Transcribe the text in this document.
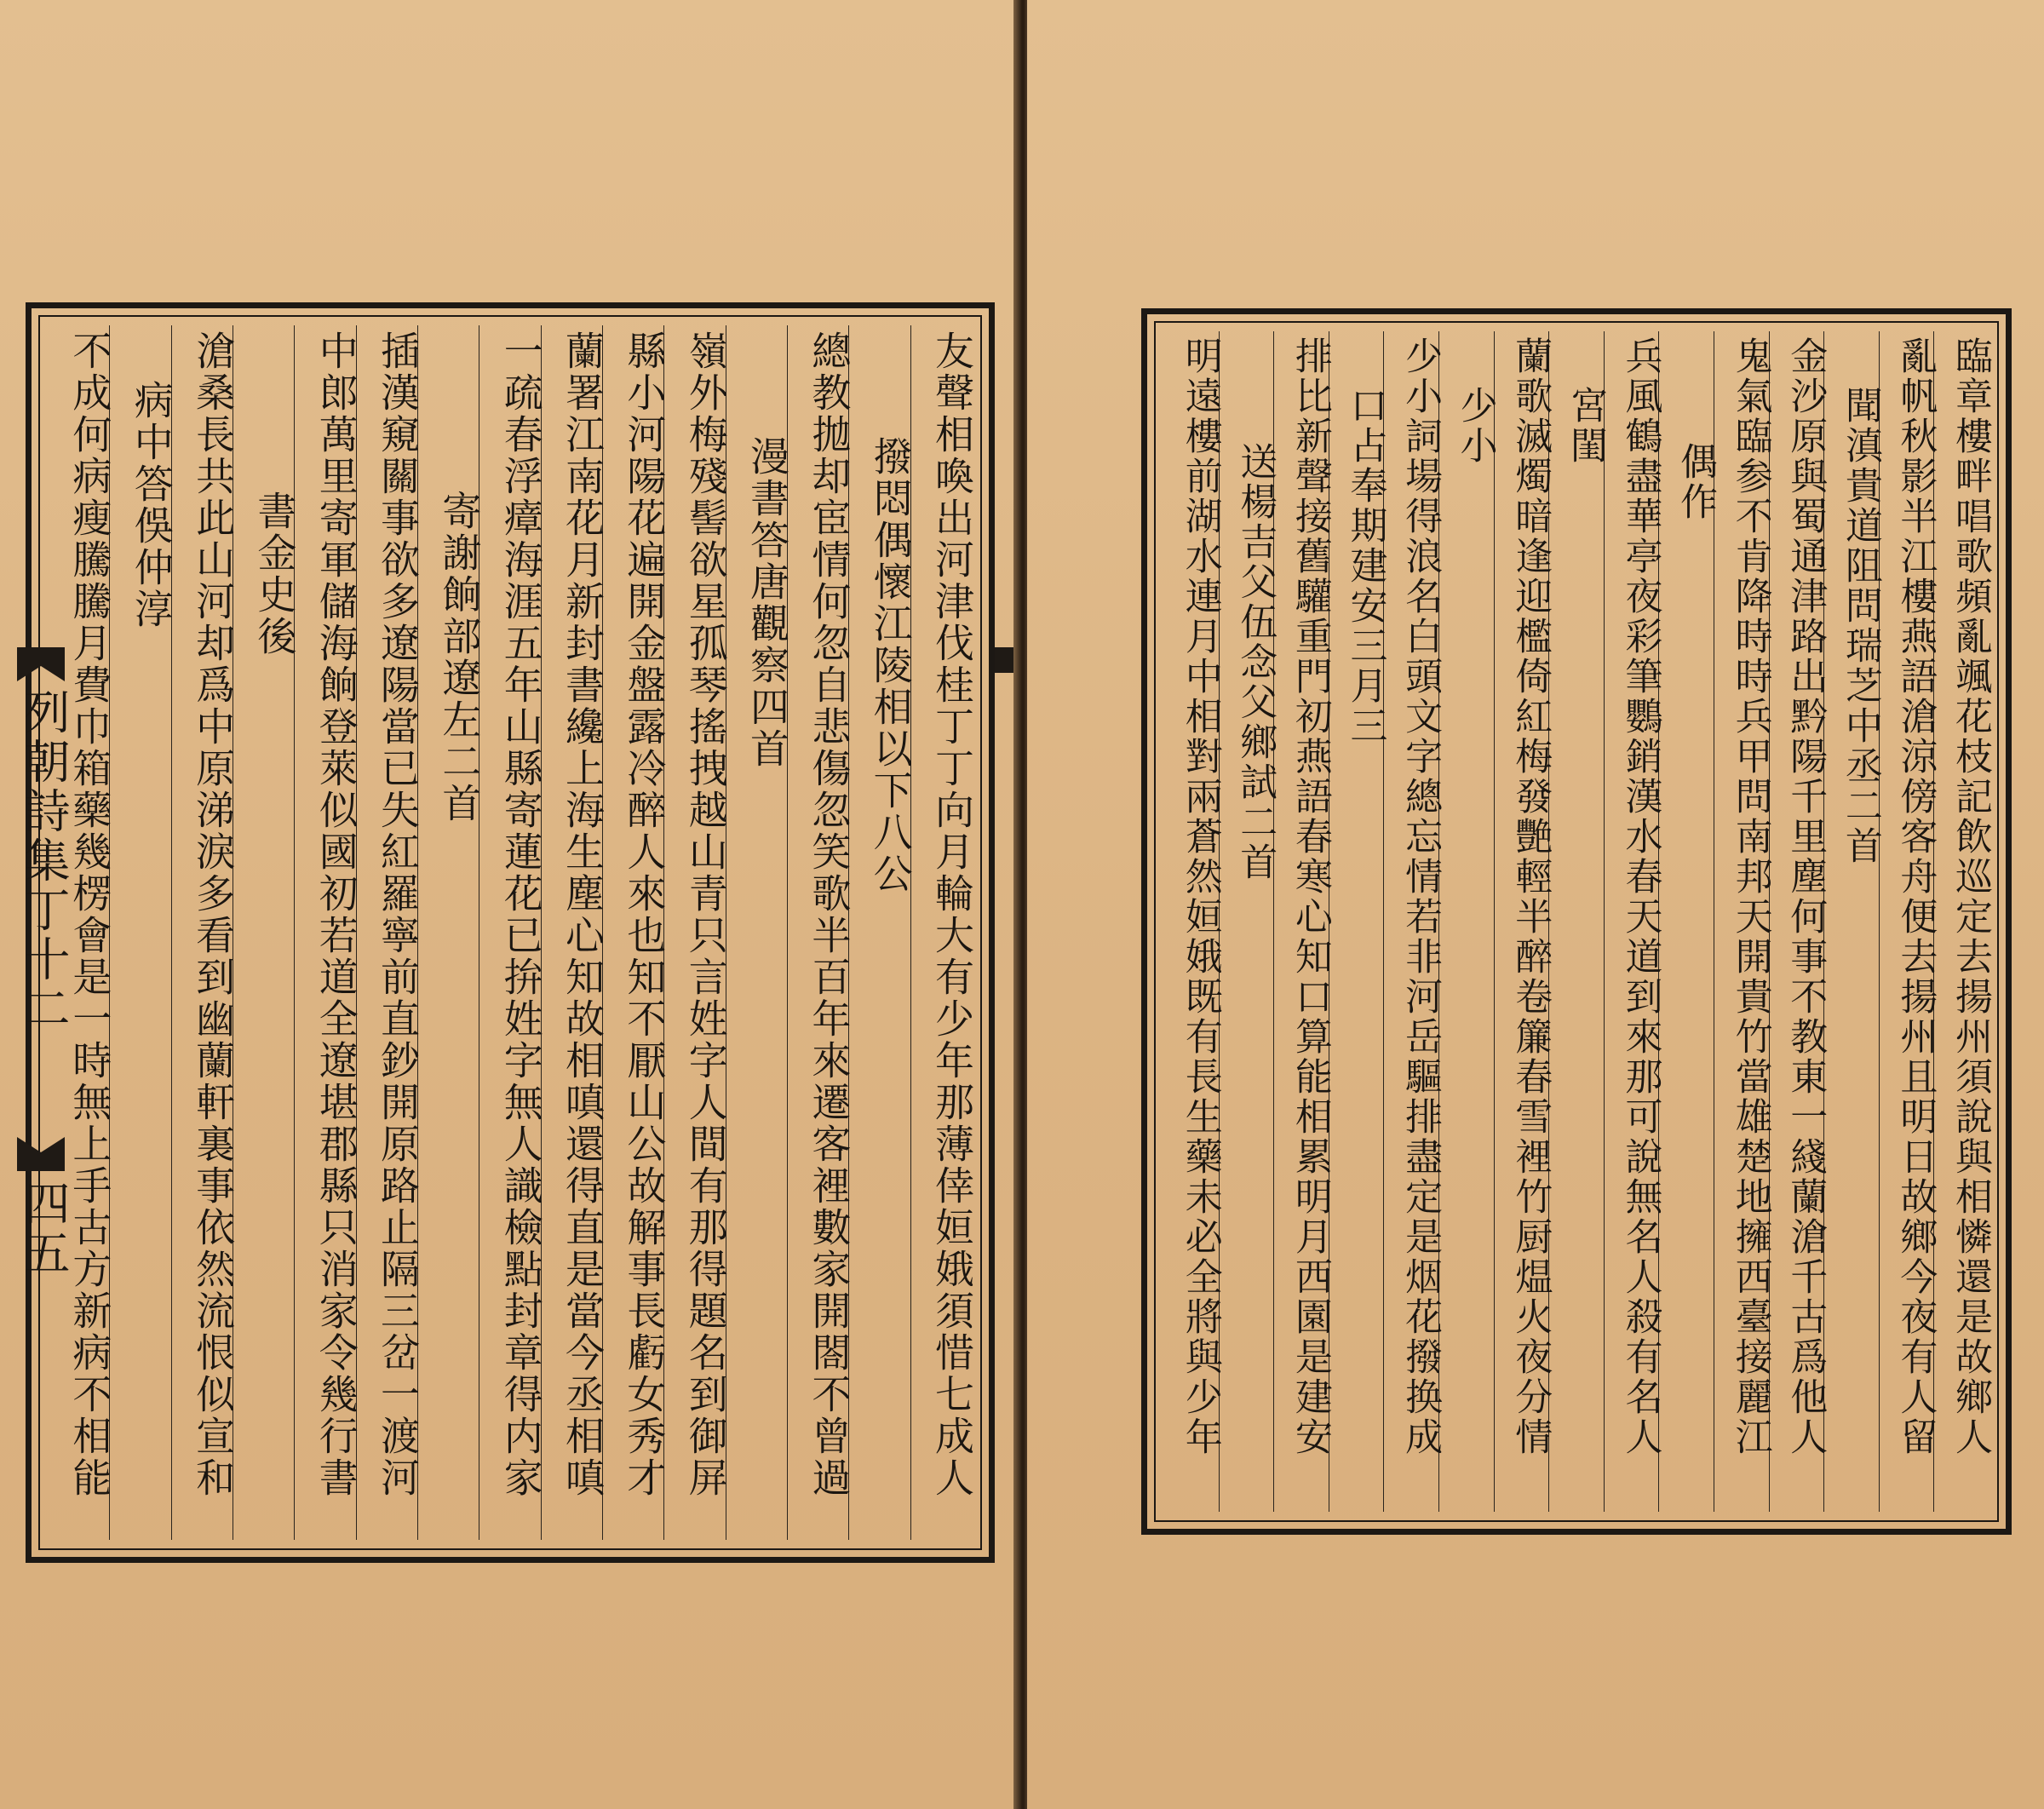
友聲相喚出河津伐桂丁丁向月輪大有少年那薄倖姮娥須惜七成人
撥悶偶懷江陵相以下八公
總教拋却宦情何忽自悲傷忽笑歌半百年來遷客裡數家開閤不曾過
漫書答唐觀察四首
嶺外梅殘髻欲星孤琴搖拽越山青只言姓字人間有那得題名到御屏
縣小河陽花遍開金盤露冷醉人來也知不厭山公故解事長虧女秀才
蘭署江南花月新封書纔上海生塵心知故相嗔還得直是當今丞相嗔
一疏春浮瘴海涯五年山縣寄蓮花已拚姓字無人識檢點封章得内家
寄謝餉部遼左二首
插漢窺關事欲多遼陽當已失紅羅寧前直鈔開原路止隔三岔一渡河
中郎萬里寄軍儲海餉登萊似國初若道全遼堪郡縣只消家令幾行書
書金史後
滄桑長共此山河却爲中原涕淚多看到幽蘭軒裏事依然流恨似宣和
病中答俁仲淳
不成何病瘦騰騰月費巾箱藥幾楞會是一時無上手古方新病不相能	臨章樓畔唱歌頻亂颯花枝記飲巡定去揚州須說與相憐還是故鄉人
亂帆秋影半江樓燕語滄涼傍客舟便去揚州且明日故鄉今夜有人留
聞滇貴道阻問瑞芝中丞二首
金沙原與蜀通津路出黔陽千里塵何事不教東一綫蘭滄千古爲他人
鬼氣臨参不肯降時時兵甲問南邦天開貴竹當雄楚地擁西臺接麗江
偶作
兵風鶴盡華亭夜彩筆鸚銷漢水春天道到來那可說無名人殺有名人
宮閨
蘭歌滅燭暗逢迎檻倚紅梅發艷輕半醉卷簾春雪裡竹厨煴火夜分情
少小
少小詞場得浪名白頭文字總忘情若非河岳驅排盡定是烟花撥换成
口占奉期建安三月三
排比新聲接舊驩重門初燕語春寒心知口算能相累明月西園是建安
送楊吉父伍念父鄉試二首
明遠樓前湖水連月中相對兩蒼然姮娥既有長生藥未必全將與少年
列朝詩集丁十二
四五
